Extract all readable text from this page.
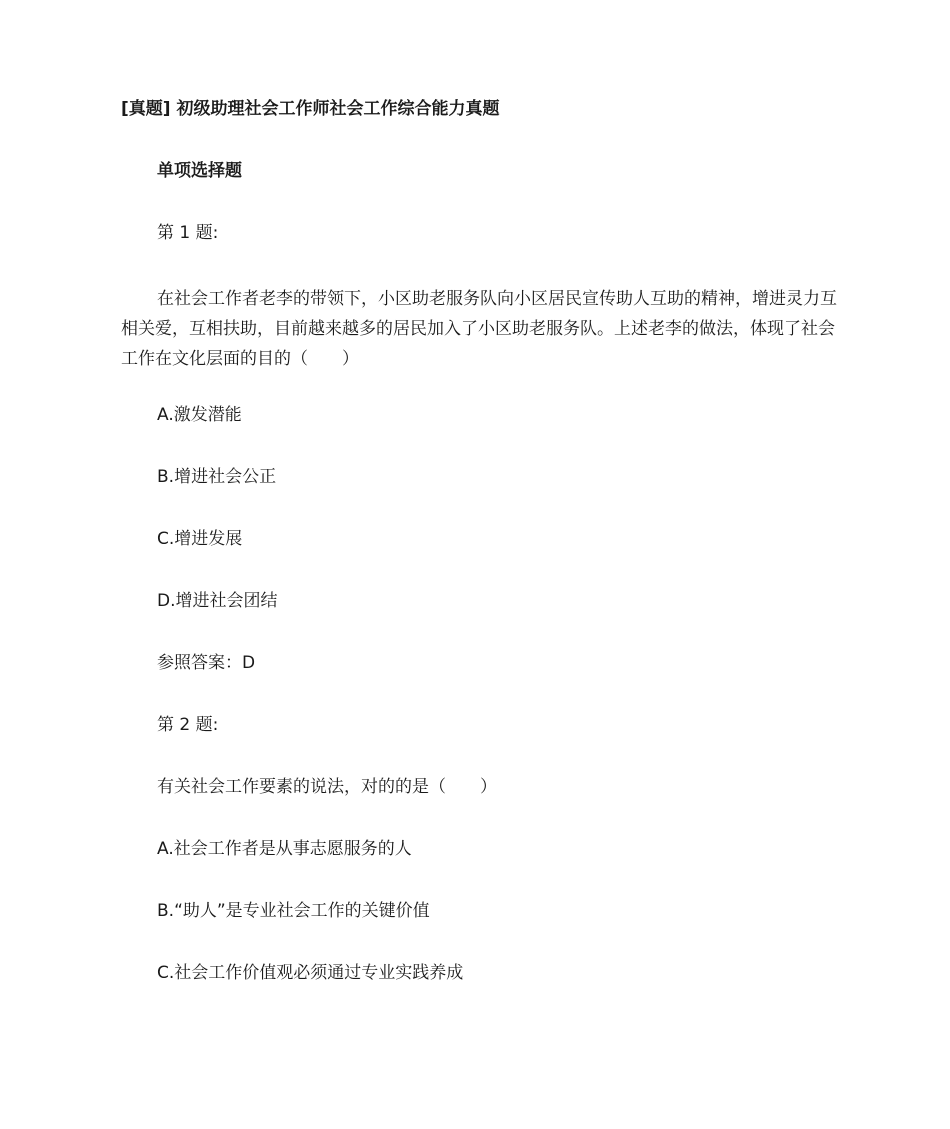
[真题] 初级助理社会工作师社会工作综合能力真题
单项选择题
第 1 题:
在社会工作者老李的带领下，小区助老服务队向小区居民宣传助人互助的精神，增进灵力互相关爱，互相扶助，目前越来越多的居民加入了小区助老服务队。上述老李的做法，体现了社会工作在文化层面的目的（　　）
A.激发潜能
B.增进社会公正
C.增进发展
D.增进社会团结
参照答案：D
第 2 题:
有关社会工作要素的说法，对的的是（　　）
A.社会工作者是从事志愿服务的人
B.“助人”是专业社会工作的关键价值
C.社会工作价值观必须通过专业实践养成
